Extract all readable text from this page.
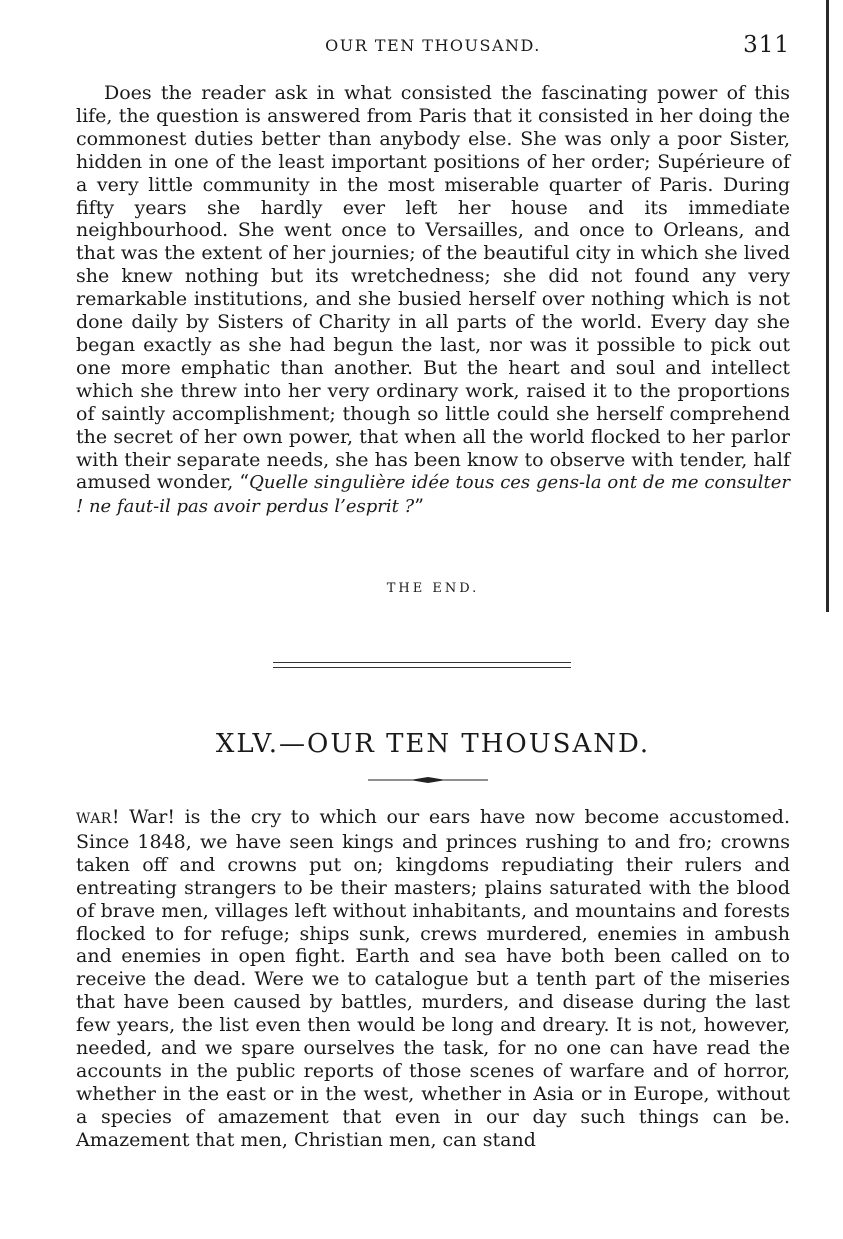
OUR TEN THOUSAND.	311

Does the reader ask in what consisted the fascinating power of this life, the question is answered from Paris that it consisted in her doing the commonest duties better than anybody else. She was only a poor Sister, hidden in one of the least important positions of her order; Supérieure of a very little community in the most miserable quarter of Paris. During fifty years she hardly ever left her house and its immediate neighbourhood. She went once to Versailles, and once to Orleans, and that was the extent of her journies; of the beautiful city in which she lived she knew nothing but its wretchedness; she did not found any very remarkable institutions, and she busied herself over nothing which is not done daily by Sisters of Charity in all parts of the world. Every day she began exactly as she had begun the last, nor was it possible to pick out one more emphatic than another. But the heart and soul and intellect which she threw into her very ordinary work, raised it to the proportions of saintly accomplishment; though so little could she herself comprehend the secret of her own power, that when all the world flocked to her parlor with their separate needs, she has been know to observe with tender, half amused wonder, “Quelle singulière idée tous ces gens-la ont de me consulter ! ne faut-il pas avoir perdus l’esprit ?”

THE END.
XLV.—OUR TEN THOUSAND.

WAR! War! is the cry to which our ears have now become accustomed. Since 1848, we have seen kings and princes rushing to and fro; crowns taken off and crowns put on; kingdoms repudiating their rulers and entreating strangers to be their masters; plains saturated with the blood of brave men, villages left without inhabitants, and mountains and forests flocked to for refuge; ships sunk, crews murdered, enemies in ambush and enemies in open fight. Earth and sea have both been called on to receive the dead. Were we to catalogue but a tenth part of the miseries that have been caused by battles, murders, and disease during the last few years, the list even then would be long and dreary. It is not, however, needed, and we spare ourselves the task, for no one can have read the accounts in the public reports of those scenes of warfare and of horror, whether in the east or in the west, whether in Asia or in Europe, without a species of amazement that even in our day such things can be. Amazement that men, Christian men, can stand
